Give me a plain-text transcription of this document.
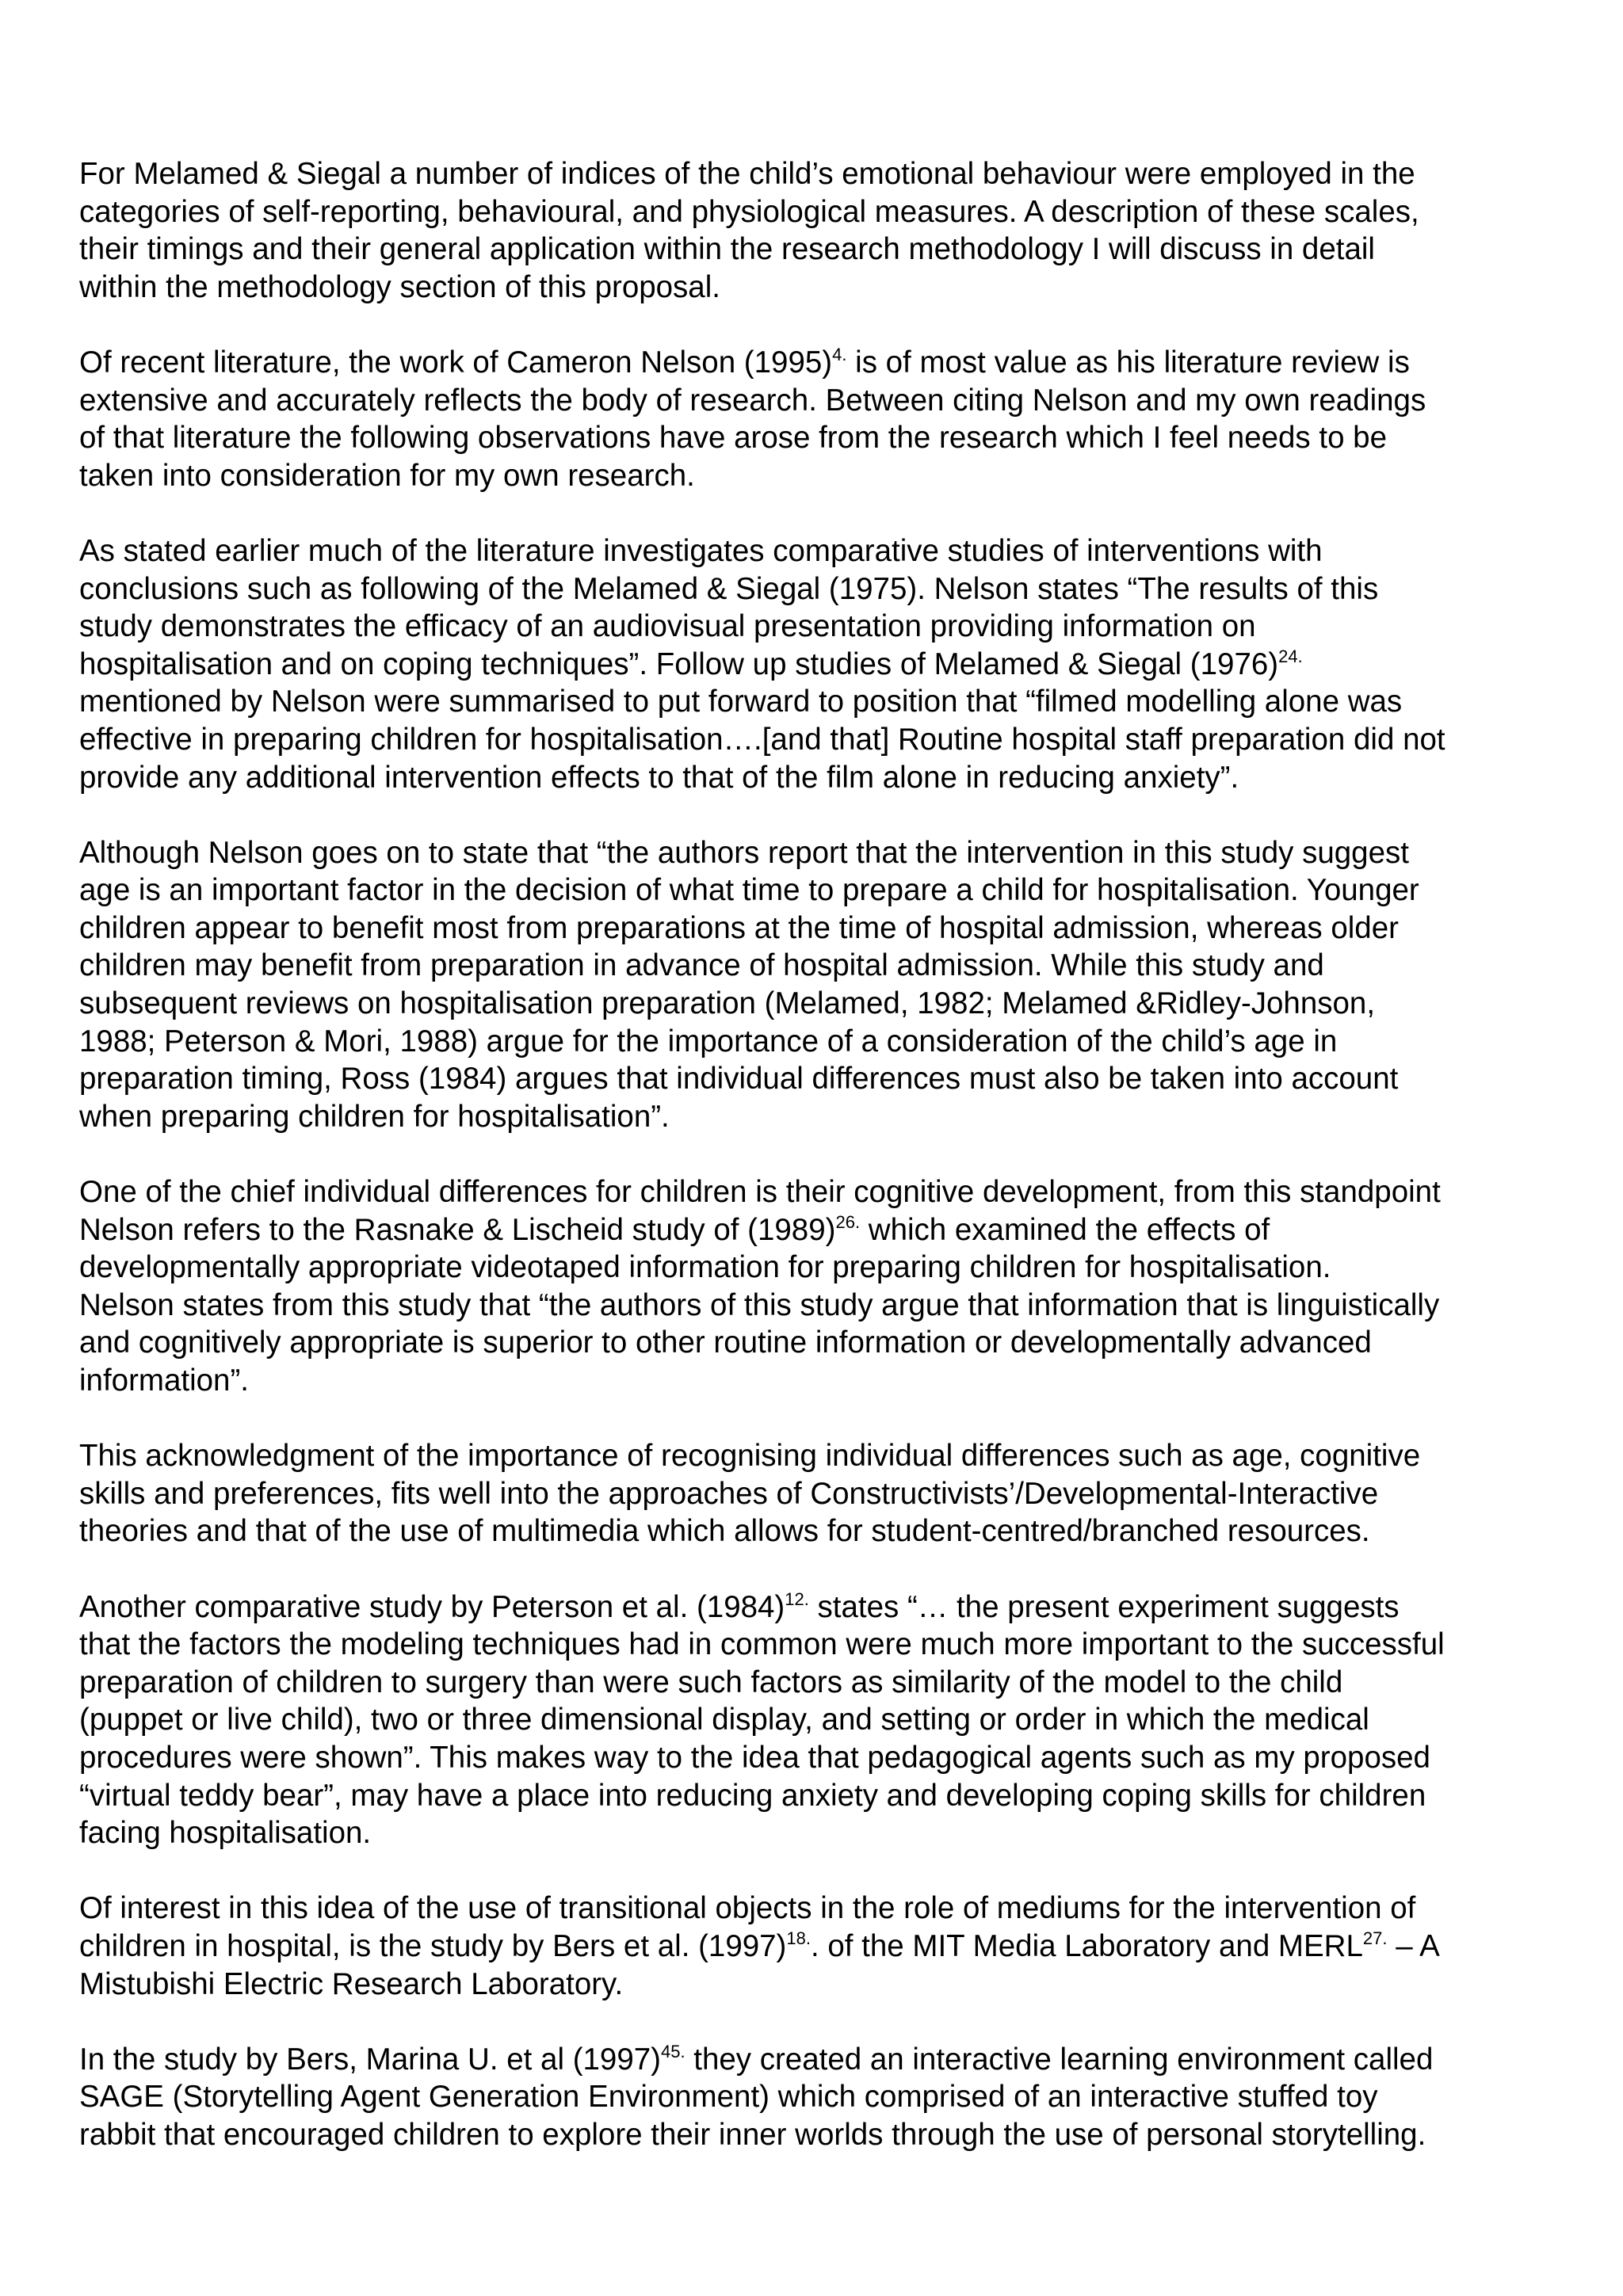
For Melamed & Siegal a number of indices of the child’s emotional behaviour were employed in the
categories of self-reporting, behavioural, and physiological measures. A description of these scales,
their timings and their general application within the research methodology I will discuss in detail
within the methodology section of this proposal.

Of recent literature, the work of Cameron Nelson $(1995)^{4.}$ is of most value as his literature review is
extensive and accurately reflects the body of research. Between citing Nelson and my own readings
of that literature the following observations have arose from the research which I feel needs to be
taken into consideration for my own research.

As stated earlier much of the literature investigates comparative studies of interventions with
conclusions such as following of the Melamed & Siegal (1975). Nelson states “The results of this
study demonstrates the efficacy of an audiovisual presentation providing information on
hospitalisation and on coping techniques”. Follow up studies of Melamed & Siegal $(1976)^{24.}$
mentioned by Nelson were summarised to put forward to position that “filmed modelling alone was
effective in preparing children for hospitalisation….[and that] Routine hospital staff preparation did not
provide any additional intervention effects to that of the film alone in reducing anxiety”.

Although Nelson goes on to state that “the authors report that the intervention in this study suggest
age is an important factor in the decision of what time to prepare a child for hospitalisation. Younger
children appear to benefit most from preparations at the time of hospital admission, whereas older
children may benefit from preparation in advance of hospital admission. While this study and
subsequent reviews on hospitalisation preparation (Melamed, 1982; Melamed &Ridley-Johnson,
1988; Peterson & Mori, 1988) argue for the importance of a consideration of the child’s age in
preparation timing, Ross (1984) argues that individual differences must also be taken into account
when preparing children for hospitalisation”.

One of the chief individual differences for children is their cognitive development, from this standpoint
Nelson refers to the Rasnake & Lischeid study of $(1989)^{26.}$ which examined the effects of
developmentally appropriate videotaped information for preparing children for hospitalisation.
Nelson states from this study that “the authors of this study argue that information that is linguistically
and cognitively appropriate is superior to other routine information or developmentally advanced
information”.

This acknowledgment of the importance of recognising individual differences such as age, cognitive
skills and preferences, fits well into the approaches of Constructivists’/Developmental-Interactive
theories and that of the use of multimedia which allows for student-centred/branched resources.

Another comparative study by Peterson et al. $(1984)^{12.}$ states “… the present experiment suggests
that the factors the modeling techniques had in common were much more important to the successful
preparation of children to surgery than were such factors as similarity of the model to the child
(puppet or live child), two or three dimensional display, and setting or order in which the medical
procedures were shown”. This makes way to the idea that pedagogical agents such as my proposed
“virtual teddy bear”, may have a place into reducing anxiety and developing coping skills for children
facing hospitalisation.

Of interest in this idea of the use of transitional objects in the role of mediums for the intervention of
children in hospital, is the study by Bers et al. $(1997)^{18.}$. of the MIT Media Laboratory and $MERL^{27.}$ – A
Mistubishi Electric Research Laboratory.

In the study by Bers, Marina U. et al $(1997)^{45.}$ they created an interactive learning environment called
SAGE (Storytelling Agent Generation Environment) which comprised of an interactive stuffed toy
rabbit that encouraged children to explore their inner worlds through the use of personal storytelling.
